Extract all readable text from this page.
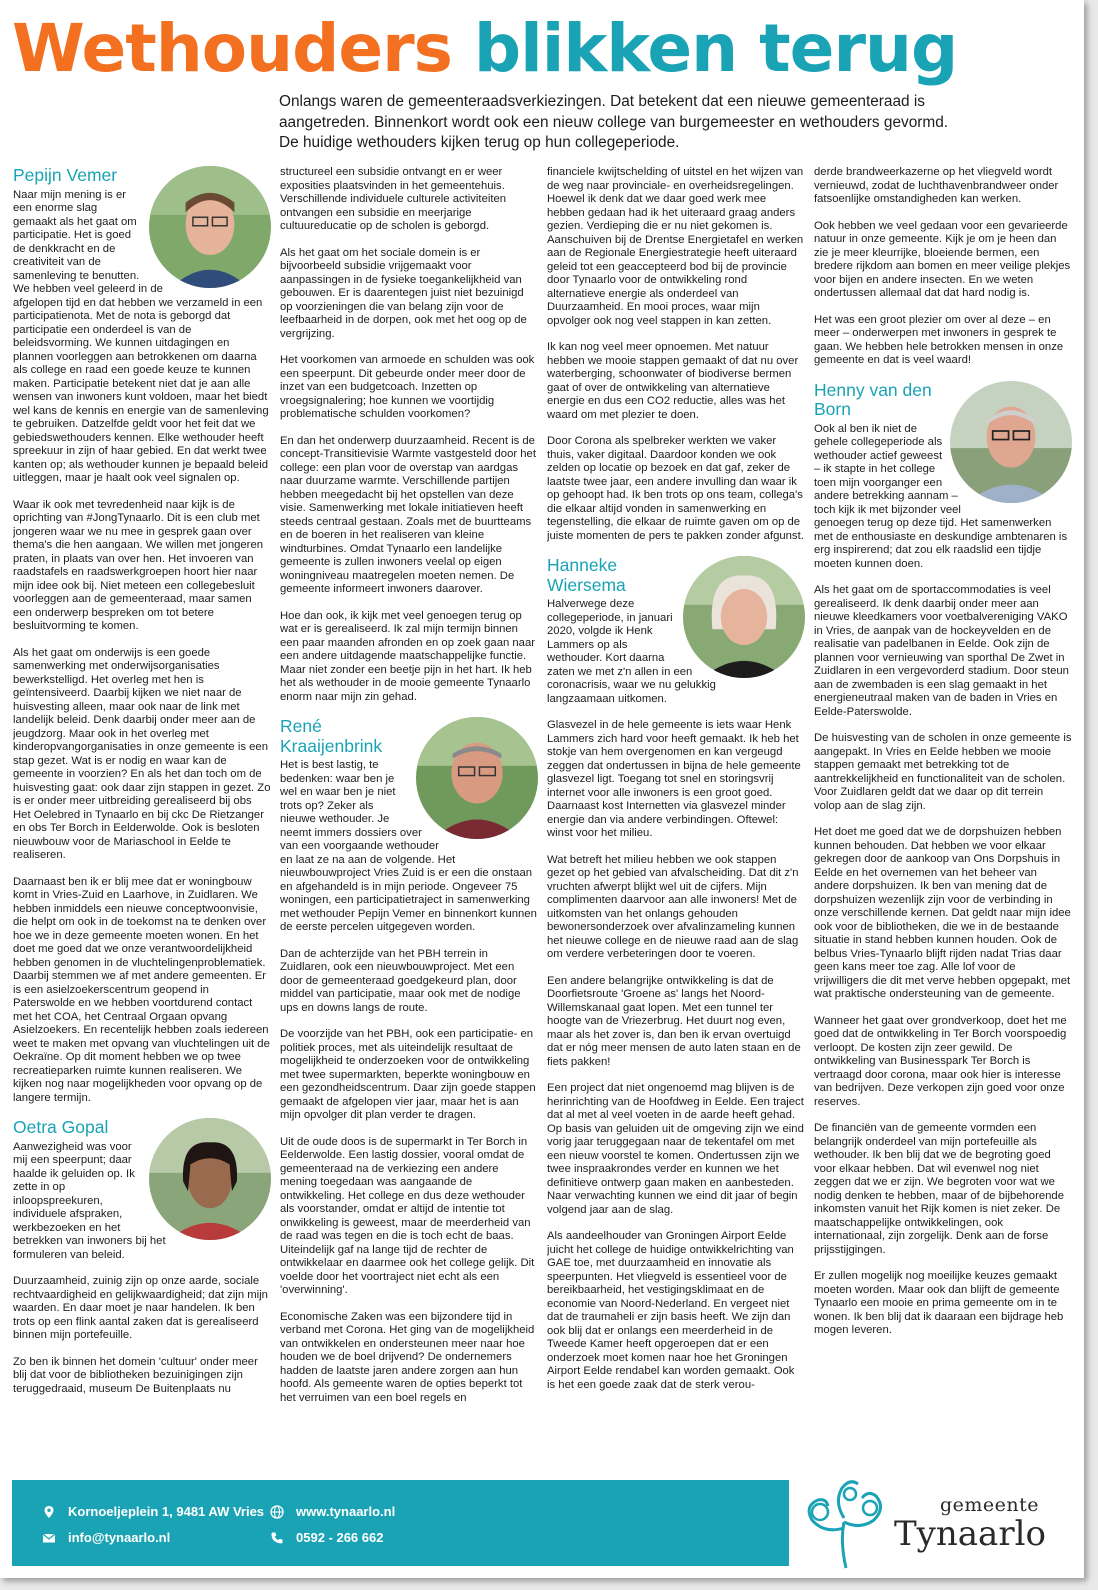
Wethouders blikken terug
Onlangs waren de gemeenteraadsverkiezingen. Dat betekent dat een nieuwe gemeenteraad is aangetreden. Binnenkort wordt ook een nieuw college van burgemeester en wethouders gevormd. De huidige wethouders kijken terug op hun collegeperiode.
Pepijn Vemer

Naar mijn mening is er een enorme slag gemaakt als het gaat om participatie. Het is goed de denkkracht en de creativiteit van de samenleving te benutten. We hebben veel geleerd in de afgelopen tijd en dat hebben we verzameld in een participatienota. Met de nota is geborgd dat participatie een onderdeel is van de beleidsvorming. We kunnen uitdagingen en plannen voorleggen aan betrokkenen om daarna als college en raad een goede keuze te kunnen maken. Participatie betekent niet dat je aan alle wensen van inwoners kunt voldoen, maar het biedt wel kans de kennis en energie van de samenleving te gebruiken. Datzelfde geldt voor het feit dat we gebiedswethouders kennen. Elke wethouder heeft spreekuur in zijn of haar gebied. En dat werkt twee kanten op; als wethouder kunnen je bepaald beleid uitleggen, maar je haalt ook veel signalen op.

Waar ik ook met tevredenheid naar kijk is de oprichting van #JongTynaarlo. Dit is een club met jongeren waar we nu mee in gesprek gaan over thema's die hen aangaan. We willen met jongeren praten, in plaats van over hen. Het invoeren van raadstafels en raadswerkgroepen hoort hier naar mijn idee ook bij. Niet meteen een collegebesluit voorleggen aan de gemeenteraad, maar samen een onderwerp bespreken om tot betere besluitvorming te komen.

Als het gaat om onderwijs is een goede samenwerking met onderwijsorganisaties bewerkstelligd. Het overleg met hen is geïntensiveerd. Daarbij kijken we niet naar de huisvesting alleen, maar ook naar de link met landelijk beleid. Denk daarbij onder meer aan de jeugdzorg. Maar ook in het overleg met kinderopvangorganisaties in onze gemeente is een stap gezet. Wat is er nodig en waar kan de gemeente in voorzien? En als het dan toch om de huisvesting gaat: ook daar zijn stappen in gezet. Zo is er onder meer uitbreiding gerealiseerd bij obs Het Oelebred in Tynaarlo en bij ckc De Rietzanger en obs Ter Borch in Eelderwolde. Ook is besloten nieuwbouw voor de Mariaschool in Eelde te realiseren.

Daarnaast ben ik er blij mee dat er woningbouw komt in Vries-Zuid en Laarhove, in Zuidlaren. We hebben inmiddels een nieuwe conceptwoonvisie, die helpt om ook in de toekomst na te denken over hoe we in deze gemeente moeten wonen. En het doet me goed dat we onze verantwoordelijkheid hebben genomen in de vluchtelingenproblematiek. Daarbij stemmen we af met andere gemeenten. Er is een asielzoekerscentrum geopend in Paterswolde en we hebben voortdurend contact met het COA, het Centraal Orgaan opvang Asielzoekers. En recentelijk hebben zoals iedereen weet te maken met opvang van vluchtelingen uit de Oekraïne. Op dit moment hebben we op twee recreatieparken ruimte kunnen realiseren. We kijken nog naar mogelijkheden voor opvang op de langere termijn.

Oetra Gopal

Aanwezigheid was voor mij een speerpunt; daar haalde ik geluiden op. Ik zette in op inloopspreekuren, individuele afspraken, werkbezoeken en het betrekken van inwoners bij het formuleren van beleid.

Duurzaamheid, zuinig zijn op onze aarde, sociale rechtvaardigheid en gelijkwaardigheid; dat zijn mijn waarden. En daar moet je naar handelen. Ik ben trots op een flink aantal zaken dat is gerealiseerd binnen mijn portefeuille.

Zo ben ik binnen het domein 'cultuur' onder meer blij dat voor de bibliotheken bezuinigingen zijn teruggedraaid, museum De Buitenplaats nu

structureel een subsidie ontvangt en er weer exposities plaatsvinden in het gemeentehuis. Verschillende individuele culturele activiteiten ontvangen een subsidie en meerjarige cultuureducatie op de scholen is geborgd.

Als het gaat om het sociale domein is er bijvoorbeeld subsidie vrijgemaakt voor aanpassingen in de fysieke toegankelijkheid van gebouwen. Er is daarentegen juist niet bezuinigd op voorzieningen die van belang zijn voor de leefbaarheid in de dorpen, ook met het oog op de vergrijzing.

Het voorkomen van armoede en schulden was ook een speerpunt. Dit gebeurde onder meer door de inzet van een budgetcoach. Inzetten op vroegsignalering; hoe kunnen we voortijdig problematische schulden voorkomen?

En dan het onderwerp duurzaamheid. Recent is de concept-Transitievisie Warmte vastgesteld door het college: een plan voor de overstap van aardgas naar duurzame warmte. Verschillende partijen hebben meegedacht bij het opstellen van deze visie. Samenwerking met lokale initiatieven heeft steeds centraal gestaan. Zoals met de buurtteams en de boeren in het realiseren van kleine windturbines. Omdat Tynaarlo een landelijke gemeente is zullen inwoners veelal op eigen woningniveau maatregelen moeten nemen. De gemeente informeert inwoners daarover.

Hoe dan ook, ik kijk met veel genoegen terug op wat er is gerealiseerd. Ik zal mijn termijn binnen een paar maanden afronden en op zoek gaan naar een andere uitdagende maatschappelijke functie. Maar niet zonder een beetje pijn in het hart. Ik heb het als wethouder in de mooie gemeente Tynaarlo enorm naar mijn zin gehad.

René Kraaijenbrink

Het is best lastig, te bedenken: waar ben je wel en waar ben je niet trots op? Zeker als nieuwe wethouder. Je neemt immers dossiers over van een voorgaande wethouder en laat ze na aan de volgende. Het nieuwbouwproject Vries Zuid is er een die onstaan en afgehandeld is in mijn periode. Ongeveer 75 woningen, een participatietraject in samenwerking met wethouder Pepijn Vemer en binnenkort kunnen de eerste percelen uitgegeven worden.

Dan de achterzijde van het PBH terrein in Zuidlaren, ook een nieuwbouwproject. Met een door de gemeenteraad goedgekeurd plan, door middel van participatie, maar ook met de nodige ups en downs langs de route.

De voorzijde van het PBH, ook een participatie- en politiek proces, met als uiteindelijk resultaat de mogelijkheid te onderzoeken voor de ontwikkeling met twee supermarkten, beperkte woningbouw en een gezondheidscentrum. Daar zijn goede stappen gemaakt de afgelopen vier jaar, maar het is aan mijn opvolger dit plan verder te dragen.

Uit de oude doos is de supermarkt in Ter Borch in Eelderwolde. Een lastig dossier, vooral omdat de gemeenteraad na de verkiezing een andere mening toegedaan was aangaande de ontwikkeling. Het college en dus deze wethouder als voorstander, omdat er altijd de intentie tot onwikkeling is geweest, maar de meerderheid van de raad was tegen en die is toch echt de baas. Uiteindelijk gaf na lange tijd de rechter de ontwikkelaar en daarmee ook het college gelijk. Dit voelde door het voortraject niet echt als een 'overwinning'.

Economische Zaken was een bijzondere tijd in verband met Corona. Het ging van de mogelijkheid van ontwikkelen en ondersteunen meer naar hoe houden we de boel drijvend? De ondernemers hadden de laatste jaren andere zorgen aan hun hoofd. Als gemeente waren de opties beperkt tot het verruimen van een boel regels en

financiele kwijtschelding of uitstel en het wijzen van de weg naar provinciale- en overheidsregelingen. Hoewel ik denk dat we daar goed werk mee hebben gedaan had ik het uiteraard graag anders gezien. Verdieping die er nu niet gekomen is. Aanschuiven bij de Drentse Energietafel en werken aan de Regionale Energiestrategie heeft uiteraard geleid tot een geaccepteerd bod bij de provincie door Tynaarlo voor de ontwikkeling rond alternatieve energie als onderdeel van Duurzaamheid. En mooi proces, waar mijn opvolger ook nog veel stappen in kan zetten.

Ik kan nog veel meer opnoemen. Met natuur hebben we mooie stappen gemaakt of dat nu over waterberging, schoonwater of biodiverse bermen gaat of over de ontwikkeling van alternatieve energie en dus een CO2 reductie, alles was het waard om met plezier te doen.

Door Corona als spelbreker werkten we vaker thuis, vaker digitaal. Daardoor konden we ook zelden op locatie op bezoek en dat gaf, zeker de laatste twee jaar, een andere invulling dan waar ik op gehoopt had. Ik ben trots op ons team, collega's die elkaar altijd vonden in samenwerking en tegenstelling, die elkaar de ruimte gaven om op de juiste momenten de pers te pakken zonder afgunst.

Hanneke Wiersema

Halverwege deze collegeperiode, in januari 2020, volgde ik Henk Lammers op als wethouder. Kort daarna zaten we met z'n allen in een coronacrisis, waar we nu gelukkig langzaamaan uitkomen.

Glasvezel in de hele gemeente is iets waar Henk Lammers zich hard voor heeft gemaakt. Ik heb het stokje van hem overgenomen en kan vergeugd zeggen dat ondertussen in bijna de hele gemeente glasvezel ligt. Toegang tot snel en storingsvrij internet voor alle inwoners is een groot goed. Daarnaast kost Internetten via glasvezel minder energie dan via andere verbindingen. Oftewel: winst voor het milieu.

Wat betreft het milieu hebben we ook stappen gezet op het gebied van afvalscheiding. Dat dit z'n vruchten afwerpt blijkt wel uit de cijfers. Mijn complimenten daarvoor aan alle inwoners! Met de uitkomsten van het onlangs gehouden bewonersonderzoek over afvalinzameling kunnen het nieuwe college en de nieuwe raad aan de slag om verdere verbeteringen door te voeren.

Een andere belangrijke ontwikkeling is dat de Doorfietsroute 'Groene as' langs het Noord-Willemskanaal gaat lopen. Met een tunnel ter hoogte van de Vriezerbrug. Het duurt nog even, maar als het zover is, dan ben ik ervan overtuigd dat er nóg meer mensen de auto laten staan en de fiets pakken!

Een project dat niet ongenoemd mag blijven is de herinrichting van de Hoofdweg in Eelde. Een traject dat al met al veel voeten in de aarde heeft gehad. Op basis van geluiden uit de omgeving zijn we eind vorig jaar teruggegaan naar de tekentafel om met een nieuw voorstel te komen. Ondertussen zijn we twee inspraakrondes verder en kunnen we het definitieve ontwerp gaan maken en aanbesteden. Naar verwachting kunnen we eind dit jaar of begin volgend jaar aan de slag.

Als aandeelhouder van Groningen Airport Eelde juicht het college de huidige ontwikkelrichting van GAE toe, met duurzaamheid en innovatie als speerpunten. Het vliegveld is essentieel voor de bereikbaarheid, het vestigingsklimaat en de economie van Noord-Nederland. En vergeet niet dat de traumaheli er zijn basis heeft. We zijn dan ook blij dat er onlangs een meerderheid in de Tweede Kamer heeft opgeroepen dat er een onderzoek moet komen naar hoe het Groningen Airport Eelde rendabel kan worden gemaakt. Ook is het een goede zaak dat de sterk verou-

derde brandweerkazerne op het vliegveld wordt vernieuwd, zodat de luchthavenbrandweer onder fatsoenlijke omstandigheden kan werken.

Ook hebben we veel gedaan voor een gevarieerde natuur in onze gemeente. Kijk je om je heen dan zie je meer kleurrijke, bloeiende bermen, een bredere rijkdom aan bomen en meer veilige plekjes voor bijen en andere insecten. En we weten ondertussen allemaal dat dat hard nodig is.

Het was een groot plezier om over al deze – en meer – onderwerpen met inwoners in gesprek te gaan. We hebben hele betrokken mensen in onze gemeente en dat is veel waard!

Henny van den Born

Ook al ben ik niet de gehele collegeperiode als wethouder actief geweest – ik stapte in het college toen mijn voorganger een andere betrekking aannam – toch kijk ik met bijzonder veel genoegen terug op deze tijd. Het samenwerken met de enthousiaste en deskundige ambtenaren is erg inspirerend; dat zou elk raadslid een tijdje moeten kunnen doen.

Als het gaat om de sportaccommodaties is veel gerealiseerd. Ik denk daarbij onder meer aan nieuwe kleedkamers voor voetbalvereniging VAKO in Vries, de aanpak van de hockeyvelden en de realisatie van padelbanen in Eelde. Ook zijn de plannen voor vernieuwing van sporthal De Zwet in Zuidlaren in een vergevorderd stadium. Door steun aan de zwembaden is een slag gemaakt in het energieneutraal maken van de baden in Vries en Eelde-Paterswolde.

De huisvesting van de scholen in onze gemeente is aangepakt. In Vries en Eelde hebben we mooie stappen gemaakt met betrekking tot de aantrekkelijkheid en functionaliteit van de scholen. Voor Zuidlaren geldt dat we daar op dit terrein volop aan de slag zijn.

Het doet me goed dat we de dorpshuizen hebben kunnen behouden. Dat hebben we voor elkaar gekregen door de aankoop van Ons Dorpshuis in Eelde en het overnemen van het beheer van andere dorpshuizen. Ik ben van mening dat de dorpshuizen wezenlijk zijn voor de verbinding in onze verschillende kernen. Dat geldt naar mijn idee ook voor de bibliotheken, die we in de bestaande situatie in stand hebben kunnen houden. Ook de belbus Vries-Tynaarlo blijft rijden nadat Trias daar geen kans meer toe zag. Alle lof voor de vrijwilligers die dit met verve hebben opgepakt, met wat praktische ondersteuning van de gemeente.

Wanneer het gaat over grondverkoop, doet het me goed dat de ontwikkeling in Ter Borch voorspoedig verloopt. De kosten zijn zeer gewild. De ontwikkeling van Businesspark Ter Borch is vertraagd door corona, maar ook hier is interesse van bedrijven. Deze verkopen zijn goed voor onze reserves.

De financiën van de gemeente vormden een belangrijk onderdeel van mijn portefeuille als wethouder. Ik ben blij dat we de begroting goed voor elkaar hebben. Dat wil evenwel nog niet zeggen dat we er zijn. We begroten voor wat we nodig denken te hebben, maar of de bijbehorende inkomsten vanuit het Rijk komen is niet zeker. De maatschappelijke ontwikkelingen, ook internationaal, zijn zorgelijk. Denk aan de forse prijsstijgingen.

Er zullen mogelijk nog moeilijke keuzes gemaakt moeten worden. Maar ook dan blijft de gemeente Tynaarlo een mooie en prima gemeente om in te wonen. Ik ben blij dat ik daaraan een bijdrage heb mogen leveren.

Kornoeljeplein 1, 9481 AW Vries
info@tynaarlo.nl
www.tynaarlo.nl
0592 - 266 662
gemeente
Tynaarlo
